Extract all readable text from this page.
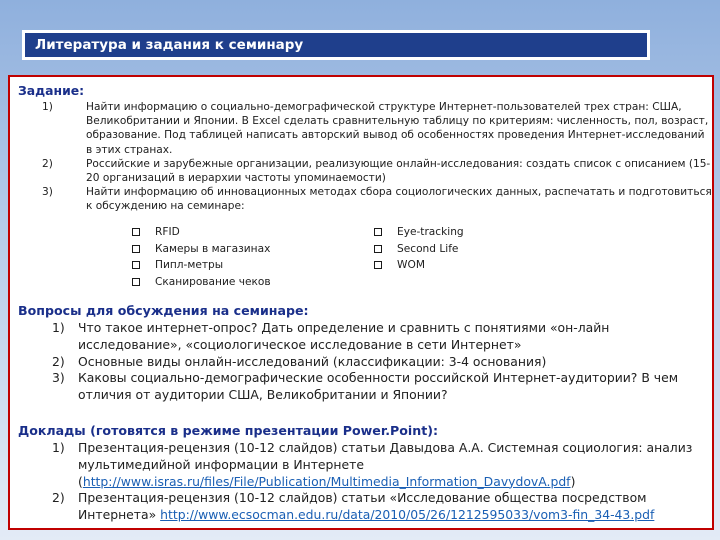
Литература и задания к семинару
Задание:
1)	Найти информацию о социально-демографической структуре Интернет-пользователей трех стран: США, Великобритании и Японии. В Excel сделать сравнительную таблицу по критериям: численность, пол, возраст, образование. Под таблицей написать авторский вывод об особенностях проведения Интернет-исследований в этих странах.
2)	Российские и зарубежные организации, реализующие онлайн-исследования: создать список с описанием (15-20 организаций в иерархии частоты упоминаемости)
3)	Найти информацию об инновационных методах сбора социологических данных, распечатать и подготовиться к обсуждению на семинаре:
RFID
Камеры в магазинах
Пипл-метры
Сканирование чеков
Eye-tracking
Second Life
WOM
Вопросы для обсуждения на семинаре:
1)	Что такое интернет-опрос? Дать определение и сравнить с понятиями «он-лайн исследование», «социологическое исследование в сети Интернет»
2)	Основные виды онлайн-исследований (классификации: 3-4 основания)
3)	Каковы социально-демографические особенности российской Интернет-аудитории? В чем отличия от аудитории США, Великобритании и Японии?
Доклады (готовятся в режиме презентации Power.Point):
1)	Презентация-рецензия (10-12 слайдов) статьи Давыдова А.А. Системная социология: анализ мультимедийной информации в Интернете (http://www.isras.ru/files/File/Publication/Multimedia_Information_DavydovA.pdf)
2)	Презентация-рецензия (10-12 слайдов) статьи «Исследование общества посредством Интернета» http://www.ecsocman.edu.ru/data/2010/05/26/1212595033/vom3-fin_34-43.pdf
